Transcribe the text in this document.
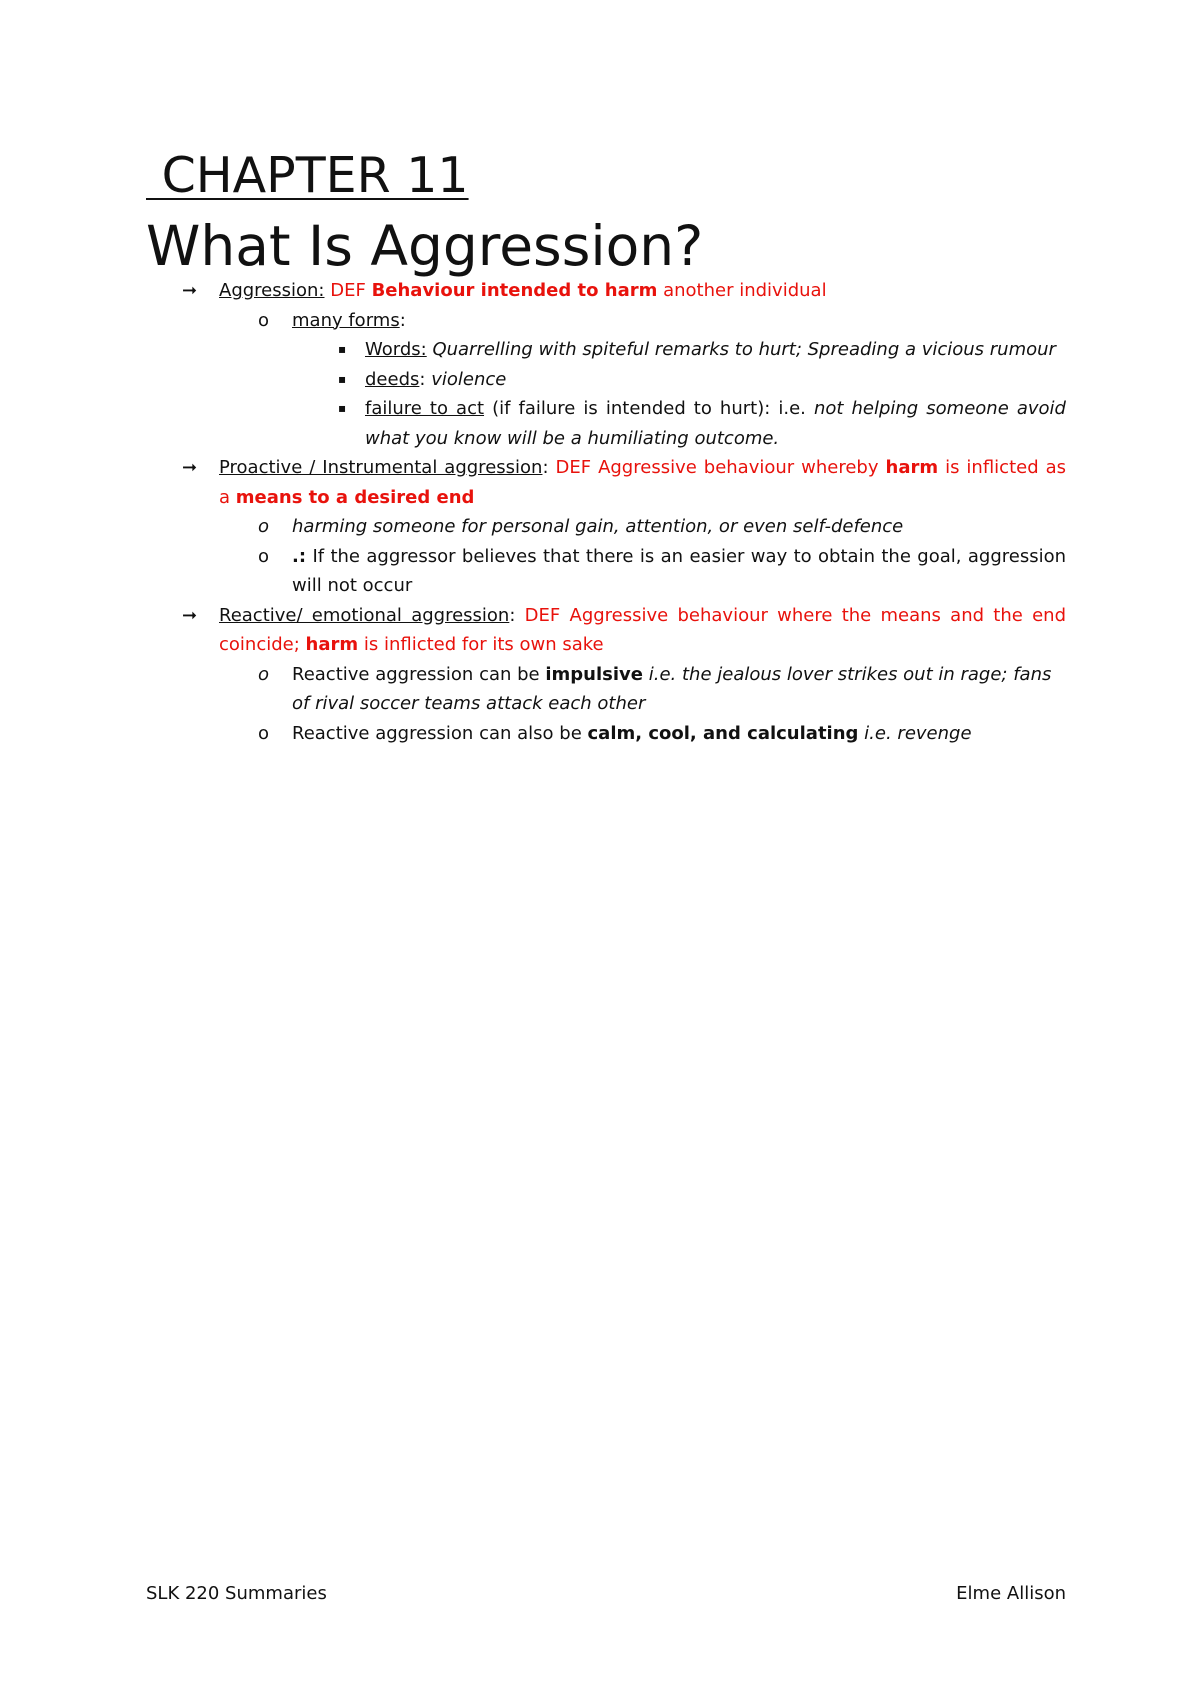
CHAPTER 11
What Is Aggression?
➞ Aggression: DEF Behaviour intended to harm another individual
o many forms:
▪ Words: Quarrelling with spiteful remarks to hurt; Spreading a vicious rumour
▪ deeds: violence
▪ failure to act (if failure is intended to hurt): i.e. not helping someone avoid what you know will be a humiliating outcome.
➞ Proactive / Instrumental aggression: DEF Aggressive behaviour whereby harm is inflicted as a means to a desired end
o harming someone for personal gain, attention, or even self-defence
o .: If the aggressor believes that there is an easier way to obtain the goal, aggression will not occur
➞ Reactive/ emotional aggression: DEF Aggressive behaviour where the means and the end coincide; harm is inflicted for its own sake
o Reactive aggression can be impulsive i.e. the jealous lover strikes out in rage; fans of rival soccer teams attack each other
o Reactive aggression can also be calm, cool, and calculating i.e. revenge
SLK 220 Summaries	Elme Allison
